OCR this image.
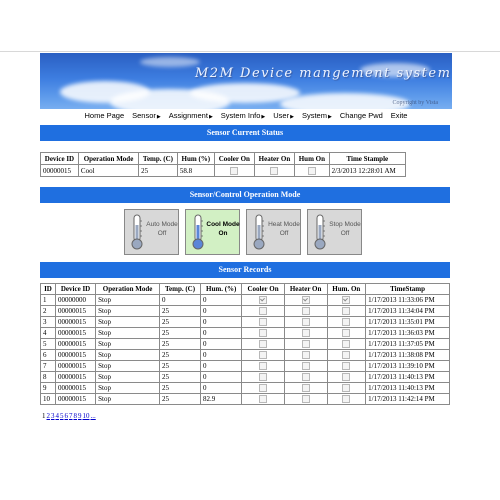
M2M Device mangement system
Copyright by Vista
Home Page Sensor▶ Assignment▶ System Info▶ User▶ System▶ Change Pwd Exite
Sensor Current Status
Device ID	Operation Mode	Temp. (C)	Hum (%)	Cooler On	Heater On	Hum On	Time Stample
00000015	Cool	25	58.8				2/3/2013 12:28:01 AM
Sensor/Control Operation Mode
Auto Mode
Off
Cool Mode
On
Heat Mode
Off
Stop Mode
Off
Sensor Records
ID	Device ID	Operation Mode	Temp. (C)	Hum. (%)	Cooler On	Heater On	Hum. On	TimeStamp
1	00000000	Stop	0	0				1/17/2013 11:33:06 PM
2	00000015	Stop	25	0				1/17/2013 11:34:04 PM
3	00000015	Stop	25	0				1/17/2013 11:35:01 PM
4	00000015	Stop	25	0				1/17/2013 11:36:03 PM
5	00000015	Stop	25	0				1/17/2013 11:37:05 PM
6	00000015	Stop	25	0				1/17/2013 11:38:08 PM
7	00000015	Stop	25	0				1/17/2013 11:39:10 PM
8	00000015	Stop	25	0				1/17/2013 11:40:13 PM
9	00000015	Stop	25	0				1/17/2013 11:40:13 PM
10	00000015	Stop	25	82.9				1/17/2013 11:42:14 PM
12345678910...
